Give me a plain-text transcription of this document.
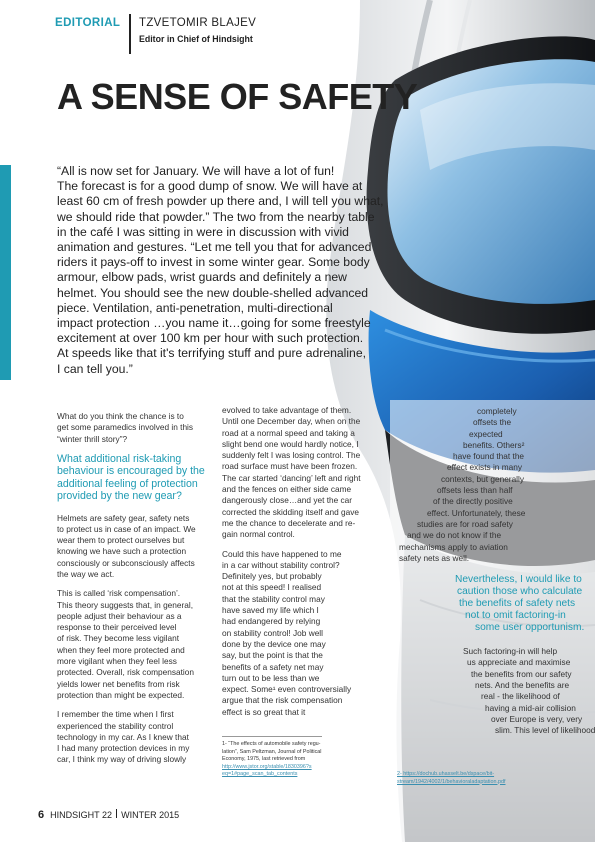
EDITORIAL TZVETOMIR BLAJEV
Editor in Chief of Hindsight
A SENSE OF SAFETY
“All is now set for January. We will have a lot of fun!
The forecast is for a good dump of snow. We will have at
least 60 cm of fresh powder up there and, I will tell you what,
we should ride that powder.” The two from the nearby table
in the café I was sitting in were in discussion with vivid
animation and gestures. “Let me tell you that for advanced
riders it pays-off to invest in some winter gear. Some body
armour, elbow pads, wrist guards and definitely a new
helmet. You should see the new double-shelled advanced
piece. Ventilation, anti-penetration, multi-directional
impact protection …you name it…going for some freestyle
excitement at over 100 km per hour with such protection.
At speeds like that it's terrifying stuff and pure adrenaline,
I can tell you.”

What do you think the chance is to
get some paramedics involved in this
“winter thrill story”?

What additional risk-taking
behaviour is encouraged by the
additional feeling of protection
provided by the new gear?

Helmets are safety gear, safety nets
to protect us in case of an impact. We
wear them to protect ourselves but
knowing we have such a protection
consciously or subconsciously affects
the way we act.

This is called ‘risk compensation’.
This theory suggests that, in general,
people adjust their behaviour as a
response to their perceived level
of risk. They become less vigilant
when they feel more protected and
more vigilant when they feel less
protected. Overall, risk compensation
yields lower net benefits from risk
protection than might be expected.

I remember the time when I first
experienced the stability control
technology in my car. As I knew that
I had many protection devices in my
car, I think my way of driving slowly

evolved to take advantage of them.
Until one December day, when on the
road at a normal speed and taking a
slight bend one would hardly notice, I
suddenly felt I was losing control. The
road surface must have been frozen.
The car started ‘dancing’ left and right
and the fences on either side came
dangerously close…and yet the car
corrected the skidding itself and gave
me the chance to decelerate and re-
gain normal control.

Could this have happened to me
in a car without stability control?
Definitely yes, but probably
not at this speed! I realised
that the stability control may
have saved my life which I
had endangered by relying
on stability control! Job well
done by the device one may
say, but the point is that the
benefits of a safety net may
turn out to be less than we
expect. Some¹ even controversially
argue that the risk compensation
effect is so great that it

completely
offsets the
expected
benefits. Others²
have found that the
effect exists in many
contexts, but generally
offsets less than half
of the directly positive
effect. Unfortunately, these
studies are for road safety
and we do not know if the
mechanisms apply to aviation
safety nets as well.

Nevertheless, I would like to
caution those who calculate
the benefits of safety nets
not to omit factoring-in
some user opportunism.

Such factoring-in will help
us appreciate and maximise
the benefits from our safety
nets. And the benefits are
real - the likelihood of
having a mid-air collision
over Europe is very, very
slim. This level of likelihood

1- “The effects of automobile safety regu-
lation”, Sam Peltzman, Journal of Political
Economy, 1975, last retrieved from
http://www.jstor.org/stable/1830396?s
eq=1#page_scan_tab_contents	2- https://dochub.uhasselt.be/dspace/bit-
stream/1942/4002/1/behavioraladaptation.pdf
6 HINDSIGHT 22 WINTER 2015
